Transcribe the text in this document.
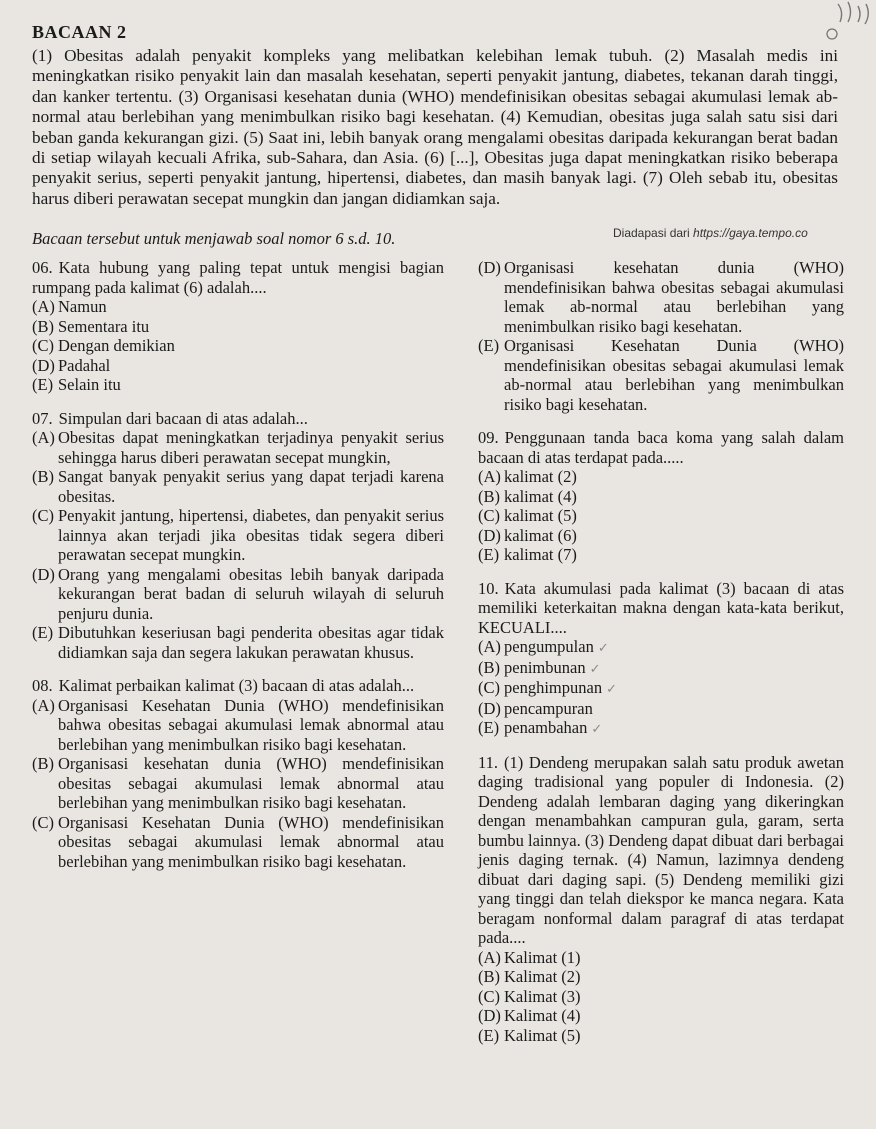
BACAAN 2
(1) Obesitas adalah penyakit kompleks yang melibatkan kelebihan lemak tubuh. (2) Masalah medis ini meningkatkan risiko penyakit lain dan masalah kesehatan, seperti penyakit jantung, diabetes, tekanan darah tinggi, dan kanker tertentu. (3) Organisasi kesehatan dunia (WHO) mendefinisikan obesitas sebagai akumulasi lemak ab-normal atau berlebihan yang menimbulkan risiko bagi kesehatan. (4) Kemudian, obesitas juga salah satu sisi dari beban ganda kekurangan gizi. (5) Saat ini, lebih banyak orang mengalami obesitas daripada kekurangan berat badan di setiap wilayah kecuali Afrika, sub-Sahara, dan Asia. (6) [...], Obesitas juga dapat meningkatkan risiko beberapa penyakit serius, seperti penyakit jantung, hipertensi, diabetes, dan masih banyak lagi. (7) Oleh sebab itu, obesitas harus diberi perawatan secepat mungkin dan jangan didiamkan saja.
Diadapasi dari https://gaya.tempo.co
Bacaan tersebut untuk menjawab soal nomor 6 s.d. 10.
06. Kata hubung yang paling tepat untuk mengisi bagian rumpang pada kalimat (6) adalah....
(A) Namun
(B) Sementara itu
(C) Dengan demikian
(D) Padahal
(E) Selain itu
07. Simpulan dari bacaan di atas adalah...
(A) Obesitas dapat meningkatkan terjadinya penyakit serius sehingga harus diberi perawatan secepat mungkin,
(B) Sangat banyak penyakit serius yang dapat terjadi karena obesitas.
(C) Penyakit jantung, hipertensi, diabetes, dan penyakit serius lainnya akan terjadi jika obesitas tidak segera diberi perawatan secepat mungkin.
(D) Orang yang mengalami obesitas lebih banyak daripada kekurangan berat badan di seluruh wilayah di seluruh penjuru dunia.
(E) Dibutuhkan keseriusan bagi penderita obesitas agar tidak didiamkan saja dan segera lakukan perawatan khusus.
08. Kalimat perbaikan kalimat (3) bacaan di atas adalah...
(A) Organisasi Kesehatan Dunia (WHO) mendefinisikan bahwa obesitas sebagai akumulasi lemak abnormal atau berlebihan yang menimbulkan risiko bagi kesehatan.
(B) Organisasi kesehatan dunia (WHO) mendefinisikan obesitas sebagai akumulasi lemak abnormal atau berlebihan yang menimbulkan risiko bagi kesehatan.
(C) Organisasi Kesehatan Dunia (WHO) mendefinisikan obesitas sebagai akumulasi lemak abnormal atau berlebihan yang menimbulkan risiko bagi kesehatan.
(D) Organisasi kesehatan dunia (WHO) mendefinisikan bahwa obesitas sebagai akumulasi lemak ab-normal atau berlebihan yang menimbulkan risiko bagi kesehatan.
(E) Organisasi Kesehatan Dunia (WHO) mendefinisikan obesitas sebagai akumulasi lemak ab-normal atau berlebihan yang menimbulkan risiko bagi kesehatan.
09. Penggunaan tanda baca koma yang salah dalam bacaan di atas terdapat pada.....
(A) kalimat (2)
(B) kalimat (4)
(C) kalimat (5)
(D) kalimat (6)
(E) kalimat (7)
10. Kata akumulasi pada kalimat (3) bacaan di atas memiliki keterkaitan makna dengan kata-kata berikut, KECUALI....
(A) pengumpulan ✓
(B) penimbunan ✓
(C) penghimpunan ✓
(D) pencampuran
(E) penambahan ✓
11. (1) Dendeng merupakan salah satu produk awetan daging tradisional yang populer di Indonesia. (2) Dendeng adalah lembaran daging yang dikeringkan dengan menambahkan campuran gula, garam, serta bumbu lainnya. (3) Dendeng dapat dibuat dari berbagai jenis daging ternak. (4) Namun, lazimnya dendeng dibuat dari daging sapi. (5) Dendeng memiliki gizi yang tinggi dan telah diekspor ke manca negara. Kata beragam nonformal dalam paragraf di atas terdapat pada....
(A) Kalimat (1)
(B) Kalimat (2)
(C) Kalimat (3)
(D) Kalimat (4)
(E) Kalimat (5)
